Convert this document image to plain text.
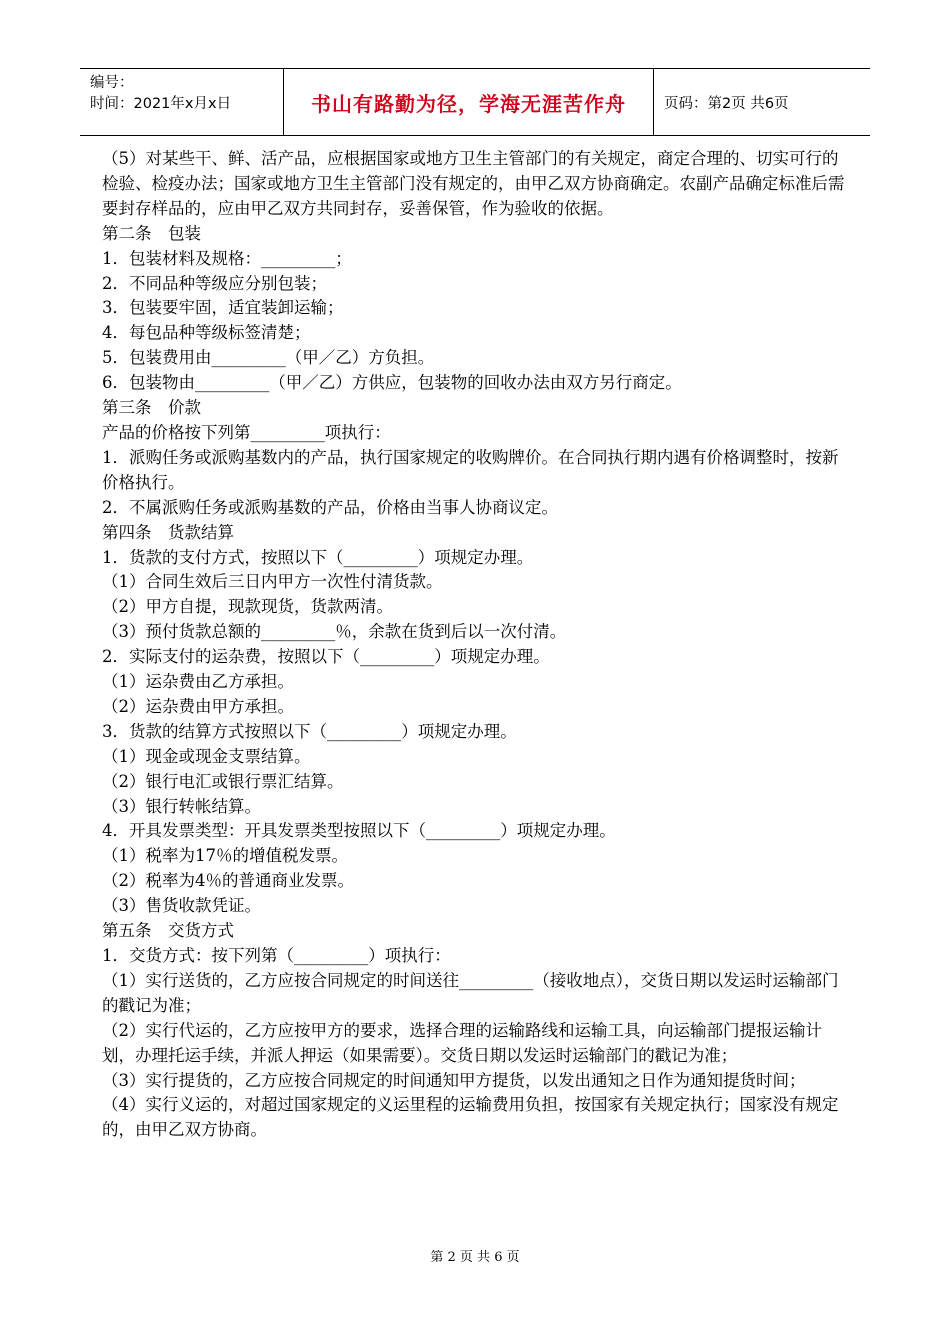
编号：
时间：2021年x月x日	书山有路勤为径，学海无涯苦作舟	页码：第2页 共6页

（5）对某些干、鲜、活产品，应根据国家或地方卫生主管部门的有关规定，商定合理的、切实可行的检验、检疫办法；国家或地方卫生主管部门没有规定的，由甲乙双方协商确定。农副产品确定标准后需要封存样品的，应由甲乙双方共同封存，妥善保管，作为验收的依据。

第二条　包装

1．包装材料及规格：_________；

2．不同品种等级应分别包装；

3．包装要牢固，适宜装卸运输；

4．每包品种等级标签清楚；

5．包装费用由_________（甲／乙）方负担。

6．包装物由_________（甲／乙）方供应，包装物的回收办法由双方另行商定。

第三条　价款

产品的价格按下列第_________项执行：

1．派购任务或派购基数内的产品，执行国家规定的收购牌价。在合同执行期内遇有价格调整时，按新价格执行。

2．不属派购任务或派购基数的产品，价格由当事人协商议定。

第四条　货款结算

1．货款的支付方式，按照以下（_________）项规定办理。

（1）合同生效后三日内甲方一次性付清货款。

（2）甲方自提，现款现货，货款两清。

（3）预付货款总额的_________％，余款在货到后以一次付清。

2．实际支付的运杂费，按照以下（_________）项规定办理。

（1）运杂费由乙方承担。

（2）运杂费由甲方承担。

3．货款的结算方式按照以下（_________）项规定办理。

（1）现金或现金支票结算。

（2）银行电汇或银行票汇结算。

（3）银行转帐结算。

4．开具发票类型：开具发票类型按照以下（_________）项规定办理。

（1）税率为17％的增值税发票。

（2）税率为4％的普通商业发票。

（3）售货收款凭证。

第五条　交货方式

1．交货方式：按下列第（_________）项执行：

（1）实行送货的，乙方应按合同规定的时间送往_________（接收地点），交货日期以发运时运输部门的戳记为准；

（2）实行代运的，乙方应按甲方的要求，选择合理的运输路线和运输工具，向运输部门提报运输计划，办理托运手续，并派人押运（如果需要）。交货日期以发运时运输部门的戳记为准；

（3）实行提货的，乙方应按合同规定的时间通知甲方提货，以发出通知之日作为通知提货时间；

（4）实行义运的，对超过国家规定的义运里程的运输费用负担，按国家有关规定执行；国家没有规定的，由甲乙双方协商。

第 2 页 共 6 页
